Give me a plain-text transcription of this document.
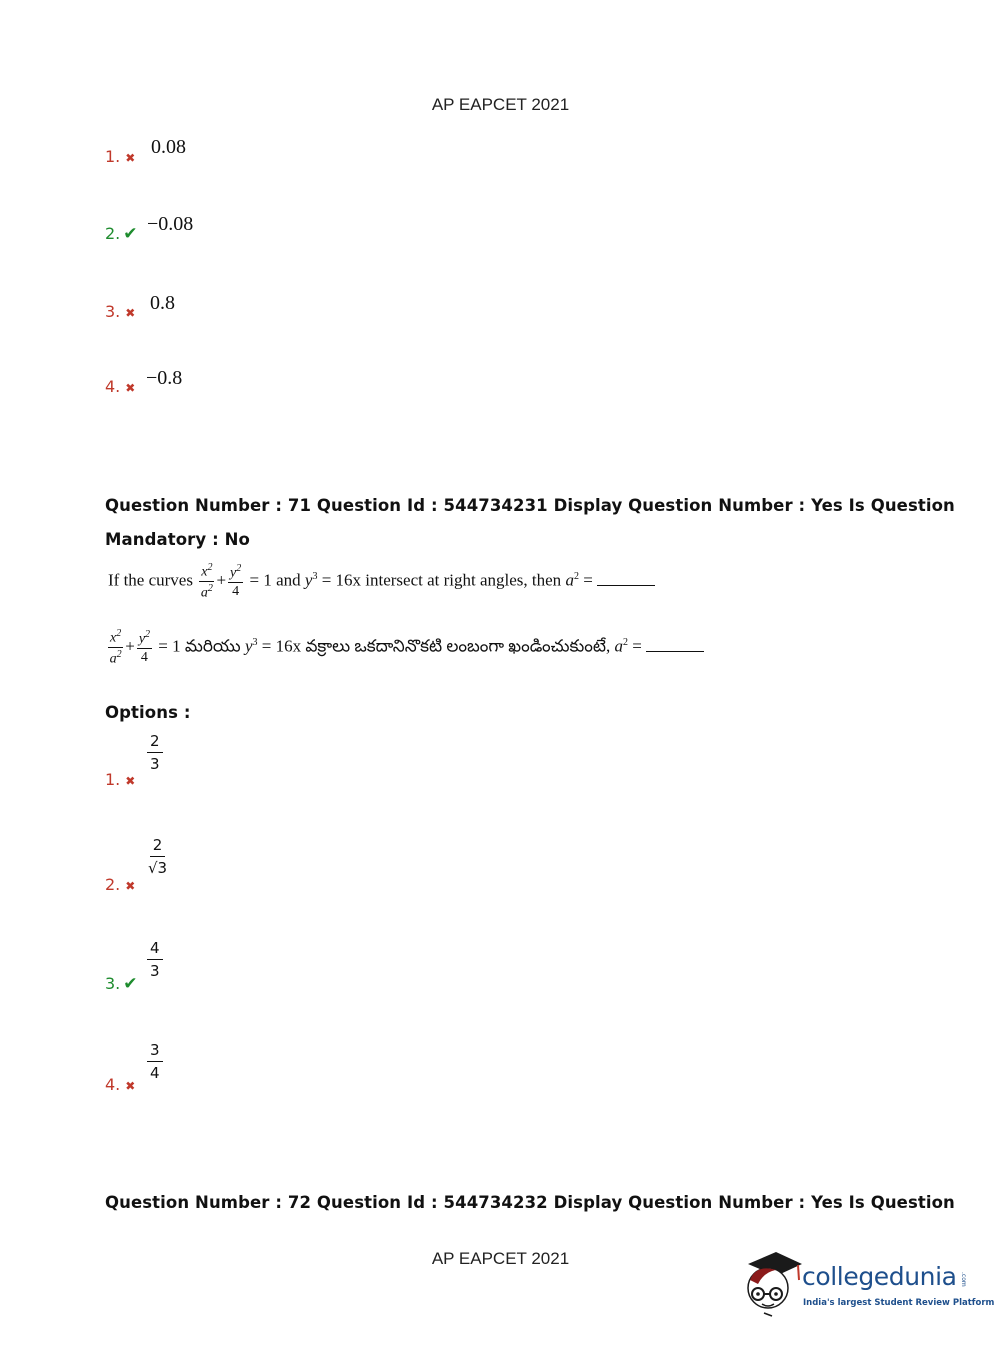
AP EAPCET 2021
1. ✖ 0.08
2. ✔ −0.08
3. ✖ 0.8
4. ✖ −0.8
Question Number : 71 Question Id : 544734231 Display Question Number : Yes Is Question
Mandatory : No
If the curves $\frac{x^2}{a^2} + \frac{y^2}{4} = 1$ and $y^3 = 16x$ intersect at right angles, then $a^2$ =
$\frac{x^2}{a^2} + \frac{y^2}{4} = 1$ మరియు $y^3 = 16x$ వక్రాలు ఒకదానినొకటి లంబంగా ఖండించుకుంటే, $a^2$ =
Options :
1. ✖
$\frac{2}{3}$
2. ✖
$\frac{2}{√3}$
3. ✔
$\frac{4}{3}$
4. ✖
$\frac{3}{4}$
Question Number : 72 Question Id : 544734232 Display Question Number : Yes Is Question
AP EAPCET 2021
collegedunia .com
India's largest Student Review Platform
